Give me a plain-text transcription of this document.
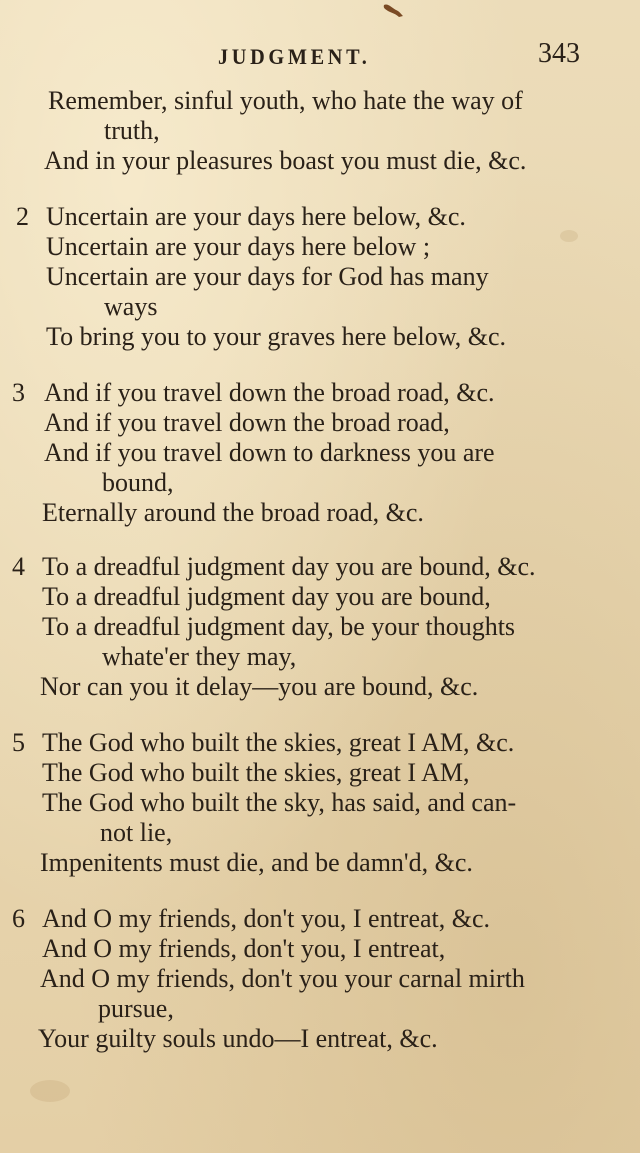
JUDGMENT.	343
Remember, sinful youth, who hate the way of
truth,
And in your pleasures boast you must die, &c.
2 Uncertain are your days here below, &c.
Uncertain are your days here below ;
Uncertain are your days for God has many
ways
To bring you to your graves here below, &c.
3 And if you travel down the broad road, &c.
And if you travel down the broad road,
And if you travel down to darkness you are
bound,
Eternally around the broad road, &c.
4 To a dreadful judgment day you are bound, &c.
To a dreadful judgment day you are bound,
To a dreadful judgment day, be your thoughts
whate'er they may,
Nor can you it delay—you are bound, &c.
5 The God who built the skies, great I AM, &c.
The God who built the skies, great I AM,
The God who built the sky, has said, and can-
not lie,
Impenitents must die, and be damn'd, &c.
6 And O my friends, don't you, I entreat, &c.
And O my friends, don't you, I entreat,
And O my friends, don't you your carnal mirth
pursue,
Your guilty souls undo—I entreat, &c.
